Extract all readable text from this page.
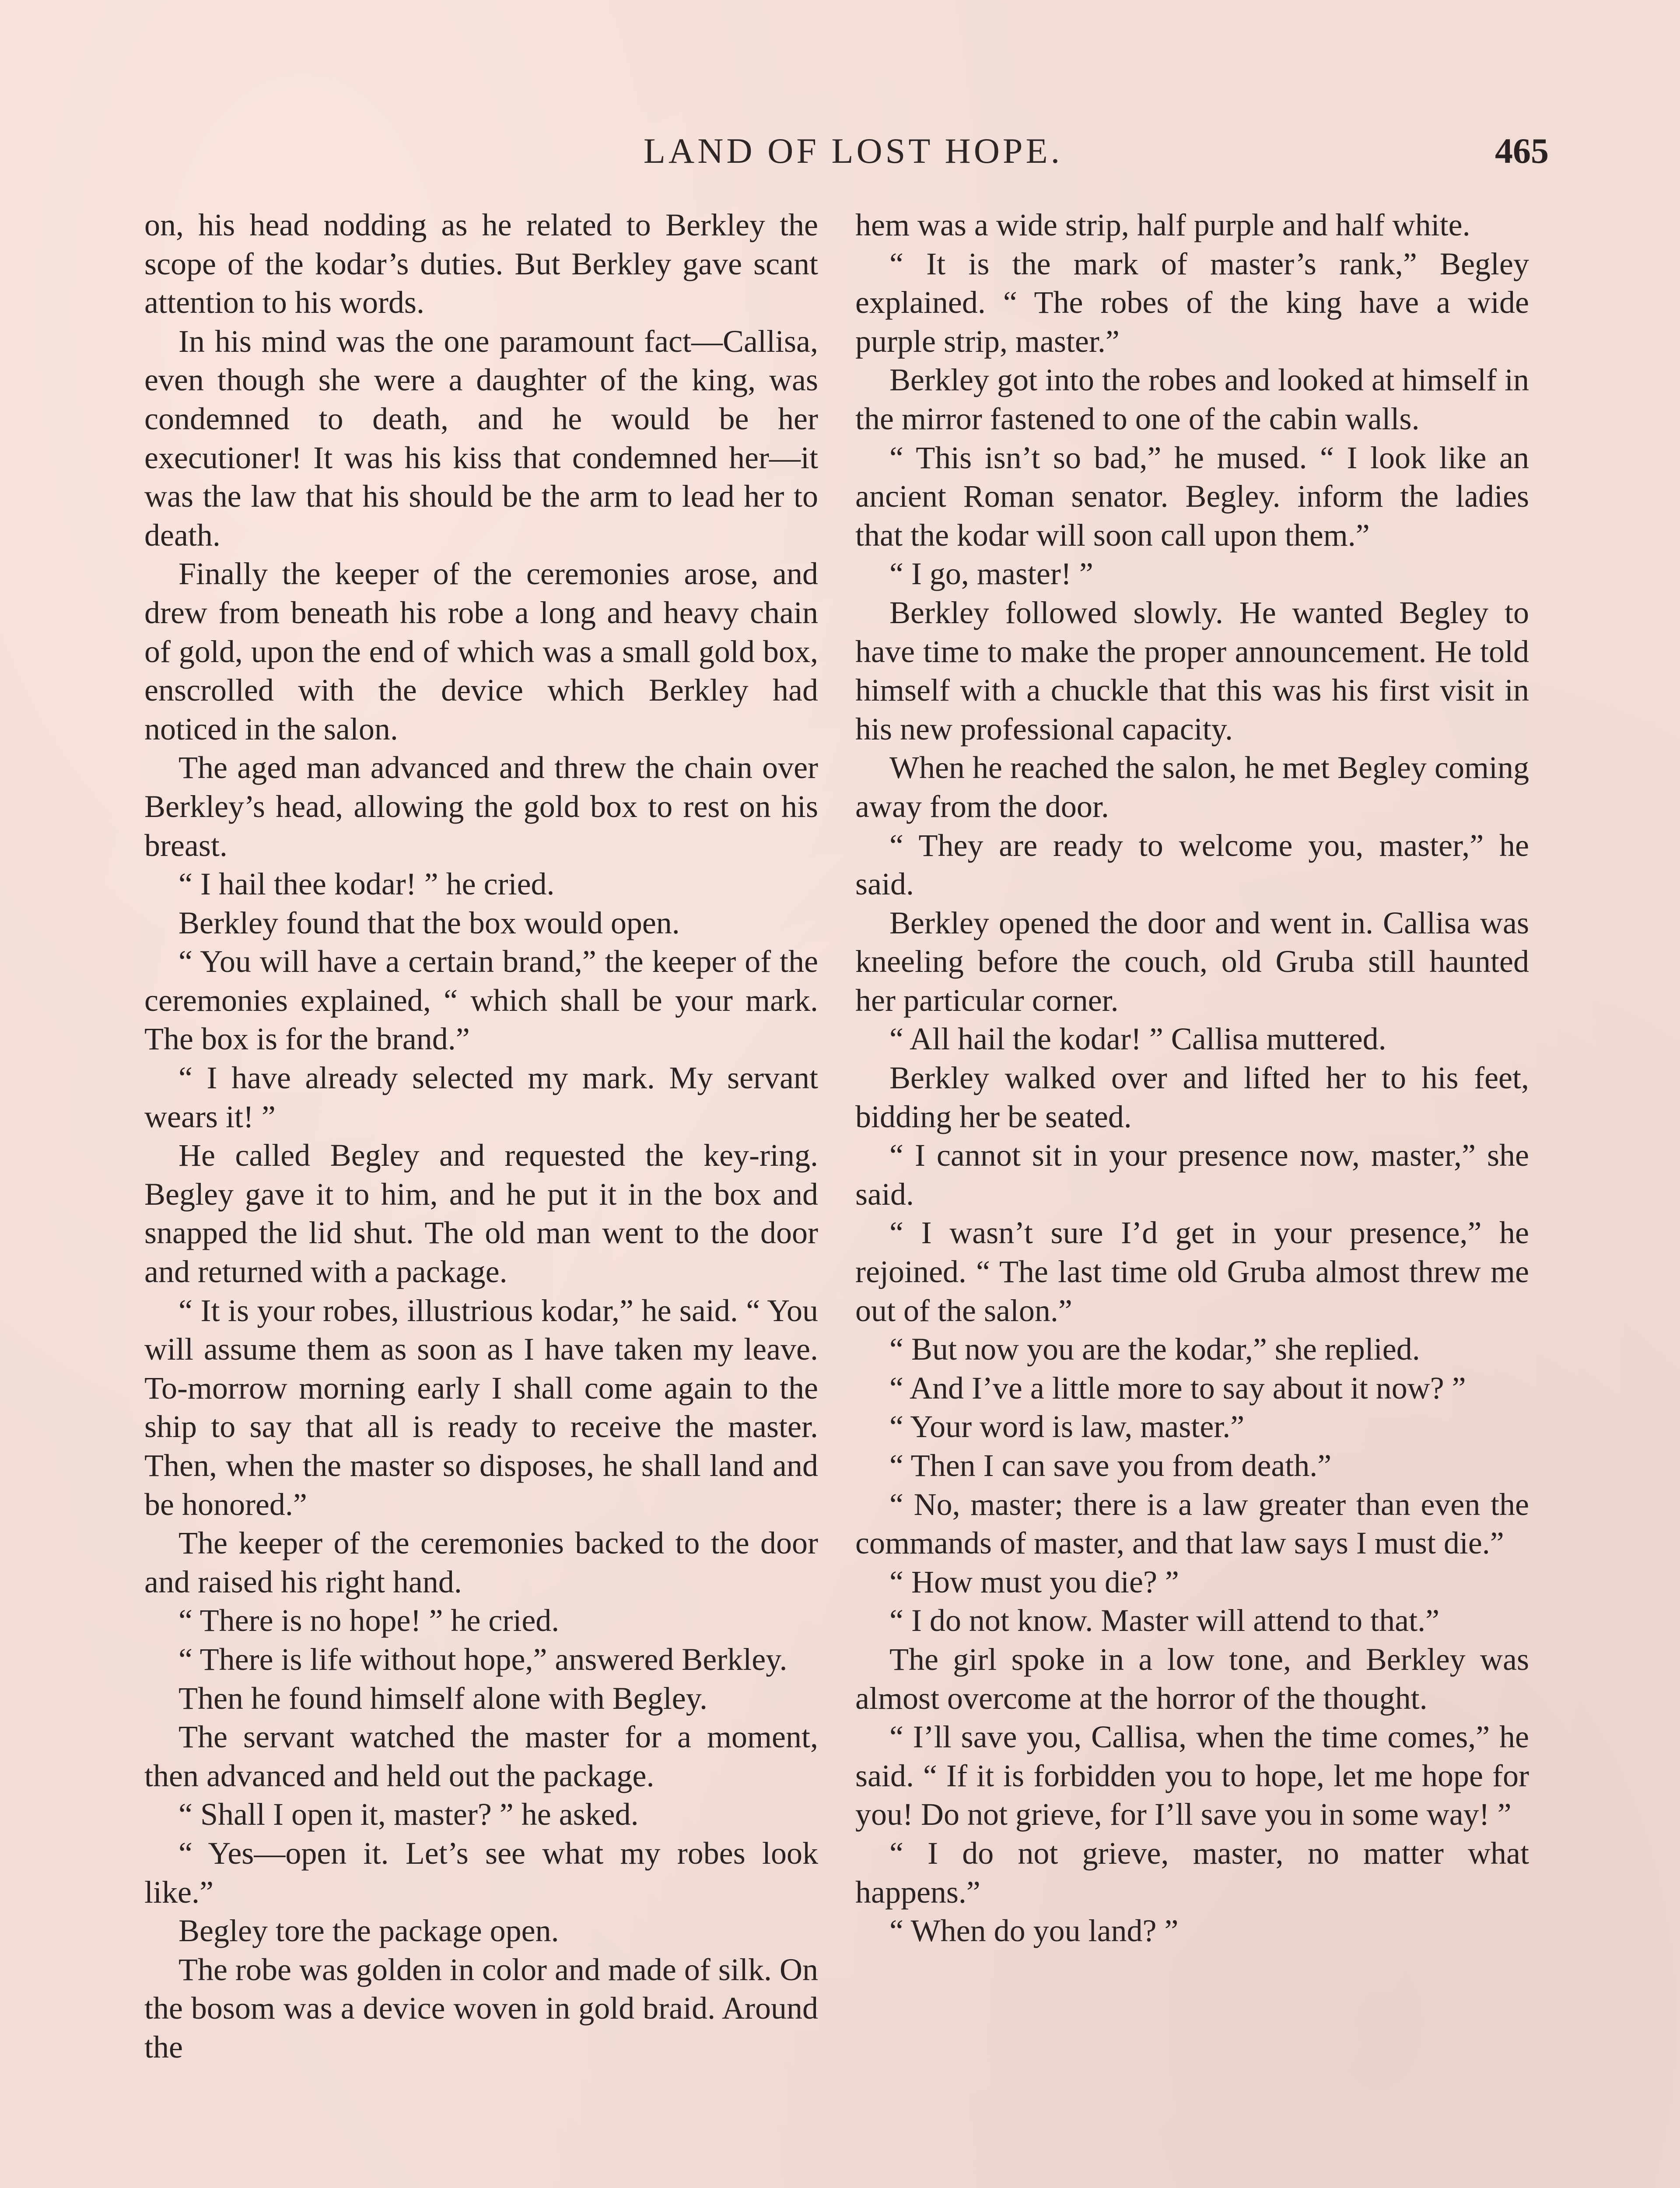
LAND OF LOST HOPE.	465

on, his head nodding as he related to Berkley the scope of the kodar’s duties. But Berkley gave scant attention to his words.

In his mind was the one paramount fact—Callisa, even though she were a daughter of the king, was condemned to death, and he would be her executioner! It was his kiss that condemned her—it was the law that his should be the arm to lead her to death.

Finally the keeper of the ceremonies arose, and drew from beneath his robe a long and heavy chain of gold, upon the end of which was a small gold box, enscrolled with the device which Berkley had noticed in the salon.

The aged man advanced and threw the chain over Berkley’s head, allowing the gold box to rest on his breast.

“ I hail thee kodar! ” he cried.

Berkley found that the box would open.

“ You will have a certain brand,” the keeper of the ceremonies explained, “ which shall be your mark. The box is for the brand.”

“ I have already selected my mark. My servant wears it! ”

He called Begley and requested the key-ring. Begley gave it to him, and he put it in the box and snapped the lid shut. The old man went to the door and returned with a package.

“ It is your robes, illustrious kodar,” he said. “ You will assume them as soon as I have taken my leave. To-morrow morning early I shall come again to the ship to say that all is ready to receive the master. Then, when the master so disposes, he shall land and be honored.”

The keeper of the ceremonies backed to the door and raised his right hand.

“ There is no hope! ” he cried.

“ There is life without hope,” answered Berkley.

Then he found himself alone with Begley.

The servant watched the master for a moment, then advanced and held out the package.

“ Shall I open it, master? ” he asked.

“ Yes—open it. Let’s see what my robes look like.”

Begley tore the package open.

The robe was golden in color and made of silk. On the bosom was a device woven in gold braid. Around the

hem was a wide strip, half purple and half white.

“ It is the mark of master’s rank,” Begley explained. “ The robes of the king have a wide purple strip, master.”

Berkley got into the robes and looked at himself in the mirror fastened to one of the cabin walls.

“ This isn’t so bad,” he mused. “ I look like an ancient Roman senator. Begley. inform the ladies that the kodar will soon call upon them.”

“ I go, master! ”

Berkley followed slowly. He wanted Begley to have time to make the proper announcement. He told himself with a chuckle that this was his first visit in his new professional capacity.

When he reached the salon, he met Begley coming away from the door.

“ They are ready to welcome you, master,” he said.

Berkley opened the door and went in. Callisa was kneeling before the couch, old Gruba still haunted her particular corner.

“ All hail the kodar! ” Callisa muttered.

Berkley walked over and lifted her to his feet, bidding her be seated.

“ I cannot sit in your presence now, master,” she said.

“ I wasn’t sure I’d get in your presence,” he rejoined. “ The last time old Gruba almost threw me out of the salon.”

“ But now you are the kodar,” she replied.

“ And I’ve a little more to say about it now? ”

“ Your word is law, master.”

“ Then I can save you from death.”

“ No, master; there is a law greater than even the commands of master, and that law says I must die.”

“ How must you die? ”

“ I do not know. Master will attend to that.”

The girl spoke in a low tone, and Berkley was almost overcome at the horror of the thought.

“ I’ll save you, Callisa, when the time comes,” he said. “ If it is forbidden you to hope, let me hope for you! Do not grieve, for I’ll save you in some way! ”

“ I do not grieve, master, no matter what happens.”

“ When do you land? ”
